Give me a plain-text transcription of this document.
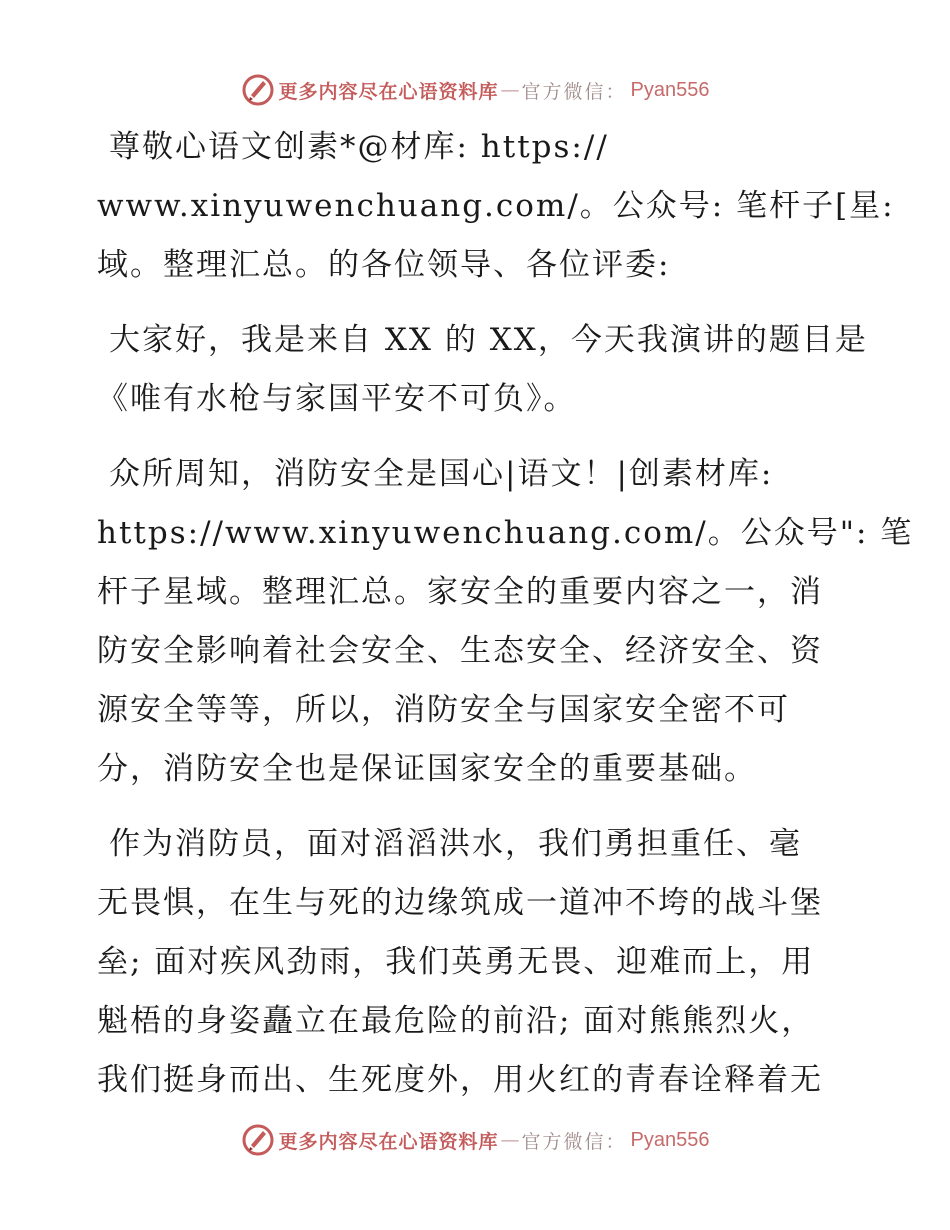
更多内容尽在心语资料库 — 官方微信： Pyan556

尊敬心语文创素*@材库: https://
www.xinyuwenchuang.com/。公众号: 笔杆子[星:
域。整理汇总。的各位领导、各位评委:

大家好，我是来自 XX 的 XX，今天我演讲的题目是
《唯有水枪与家国平安不可负》。

众所周知，消防安全是国心|语文！|创素材库:
https://www.xinyuwenchuang.com/。公众号": 笔
杆子星域。整理汇总。家安全的重要内容之一，消
防安全影响着社会安全、生态安全、经济安全、资
源安全等等，所以，消防安全与国家安全密不可
分，消防安全也是保证国家安全的重要基础。

作为消防员，面对滔滔洪水，我们勇担重任、毫
无畏惧，在生与死的边缘筑成一道冲不垮的战斗堡
垒; 面对疾风劲雨，我们英勇无畏、迎难而上，用
魁梧的身姿矗立在最危险的前沿; 面对熊熊烈火，
我们挺身而出、生死度外，用火红的青春诠释着无

更多内容尽在心语资料库 — 官方微信： Pyan556
